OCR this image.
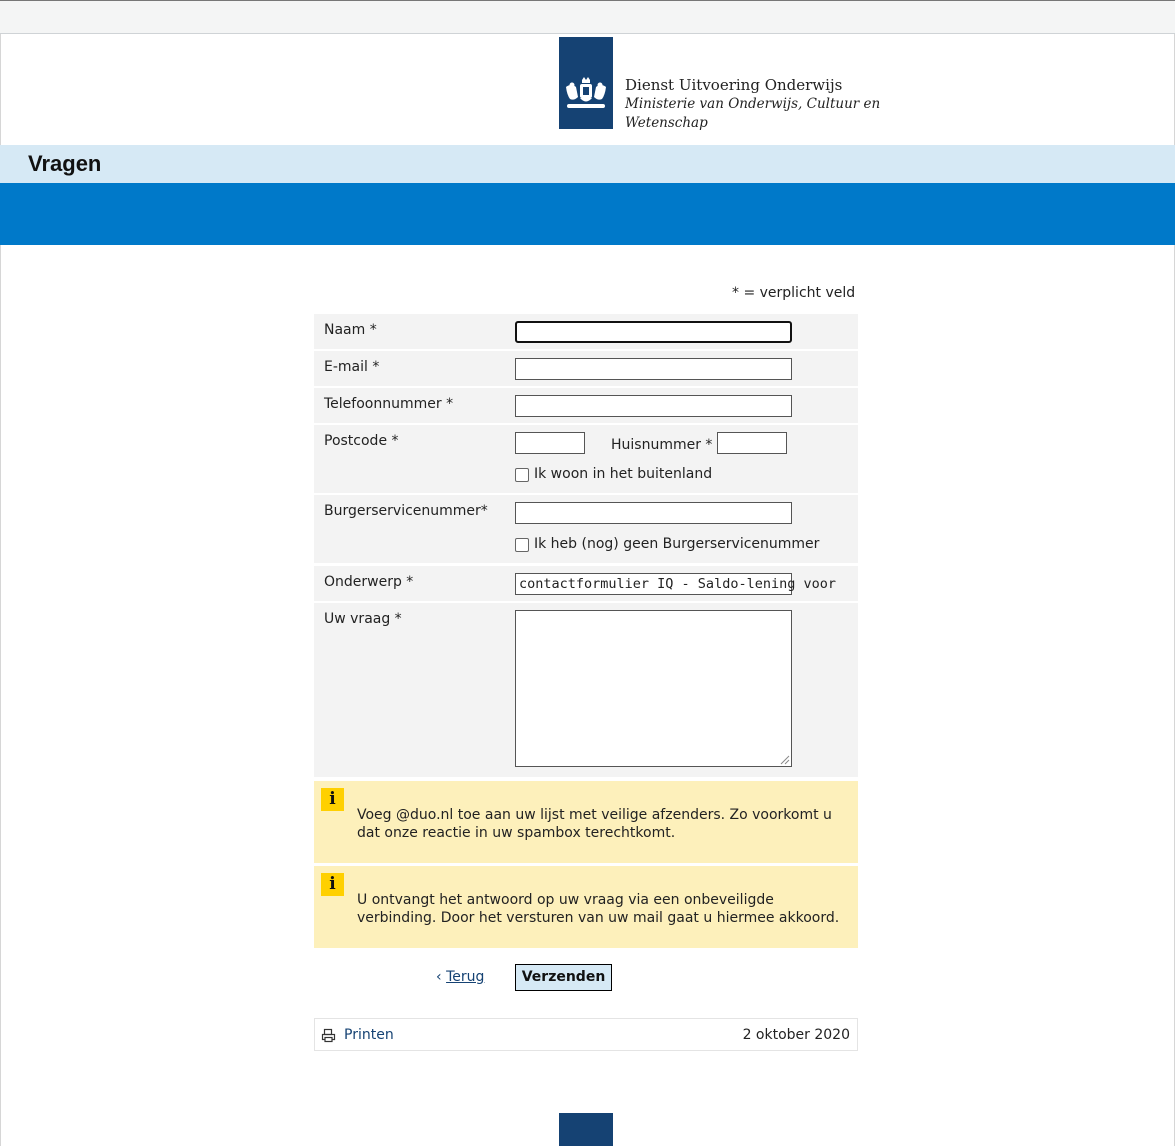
Dienst Uitvoering Onderwijs
Ministerie van Onderwijs, Cultuur en
Wetenschap
Vragen
* = verplicht veld
Naam *
E-mail *
Telefoonnummer *
Postcode *	Huisnummer *
Ik woon in het buitenland
Burgerservicenummer*
Ik heb (nog) geen Burgerservicenummer
Onderwerp *	contactformulier IQ - Saldo-lening voor
Uw vraag *
i
Voeg @duo.nl toe aan uw lijst met veilige afzenders. Zo voorkomt u dat onze reactie in uw spambox terechtkomt.
i
U ontvangt het antwoord op uw vraag via een onbeveiligde verbinding. Door het versturen van uw mail gaat u hiermee akkoord.
‹ Terug	Verzenden
Printen	2 oktober 2020
